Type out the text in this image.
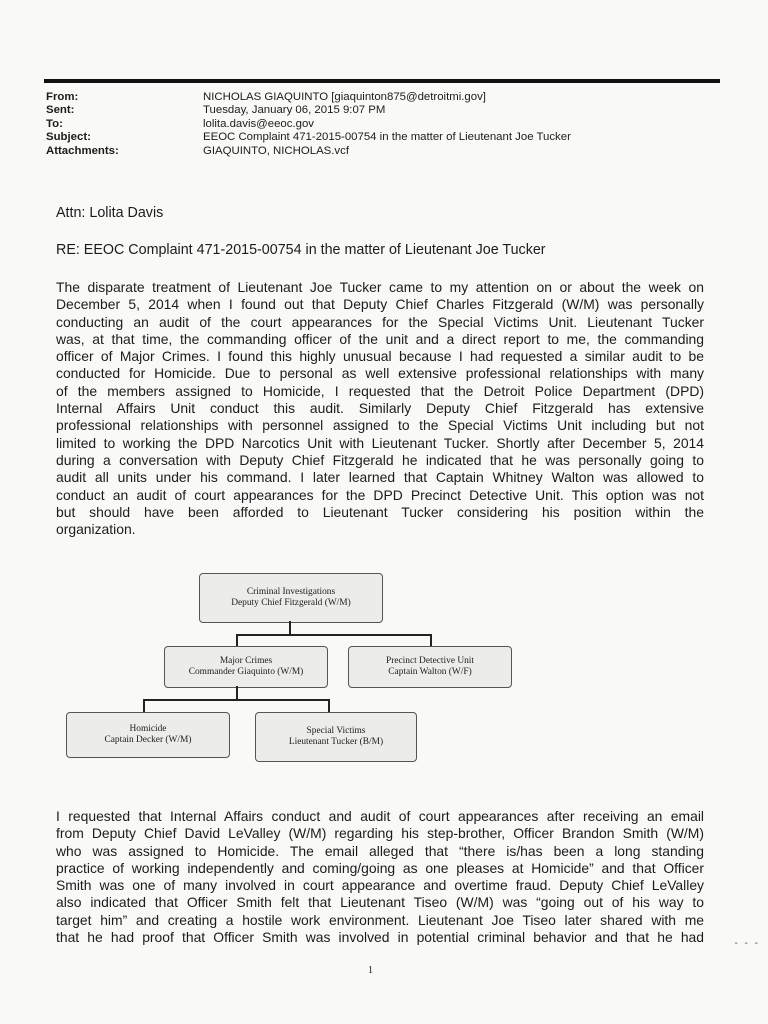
From:	NICHOLAS GIAQUINTO [giaquinton875@detroitmi.gov]
Sent:	Tuesday, January 06, 2015 9:07 PM
To:	lolita.davis@eeoc.gov
Subject:	EEOC Complaint 471-2015-00754 in the matter of Lieutenant Joe Tucker
Attachments:	GIAQUINTO, NICHOLAS.vcf
Attn: Lolita Davis
RE: EEOC Complaint 471-2015-00754 in the matter of Lieutenant Joe Tucker

The disparate treatment of Lieutenant Joe Tucker came to my attention on or about the week on
December 5, 2014 when I found out that Deputy Chief Charles Fitzgerald (W/M) was personally
conducting an audit of the court appearances for the Special Victims Unit. Lieutenant Tucker
was, at that time, the commanding officer of the unit and a direct report to me, the commanding
officer of Major Crimes. I found this highly unusual because I had requested a similar audit to be
conducted for Homicide. Due to personal as well extensive professional relationships with many
of the members assigned to Homicide, I requested that the Detroit Police Department (DPD)
Internal Affairs Unit conduct this audit. Similarly Deputy Chief Fitzgerald has extensive
professional relationships with personnel assigned to the Special Victims Unit including but not
limited to working the DPD Narcotics Unit with Lieutenant Tucker. Shortly after December 5, 2014
during a conversation with Deputy Chief Fitzgerald he indicated that he was personally going to
audit all units under his command. I later learned that Captain Whitney Walton was allowed to
conduct an audit of court appearances for the DPD Precinct Detective Unit. This option was not
but should have been afforded to Lieutenant Tucker considering his position within the
organization.

Criminal Investigations
Deputy Chief Fitzgerald (W/M)
Major Crimes
Commander Giaquinto (W/M)
Precinct Detective Unit
Captain Walton (W/F)
Homicide
Captain Decker (W/M)
Special Victims
Lieutenant Tucker (B/M)

I requested that Internal Affairs conduct and audit of court appearances after receiving an email
from Deputy Chief David LeValley (W/M) regarding his step-brother, Officer Brandon Smith (W/M)
who was assigned to Homicide. The email alleged that “there is/has been a long standing
practice of working independently and coming/going as one pleases at Homicide” and that Officer
Smith was one of many involved in court appearance and overtime fraud. Deputy Chief LeValley
also indicated that Officer Smith felt that Lieutenant Tiseo (W/M) was “going out of his way to
target him” and creating a hostile work environment. Lieutenant Joe Tiseo later shared with me
that he had proof that Officer Smith was involved in potential criminal behavior and that he had	- - -
1
